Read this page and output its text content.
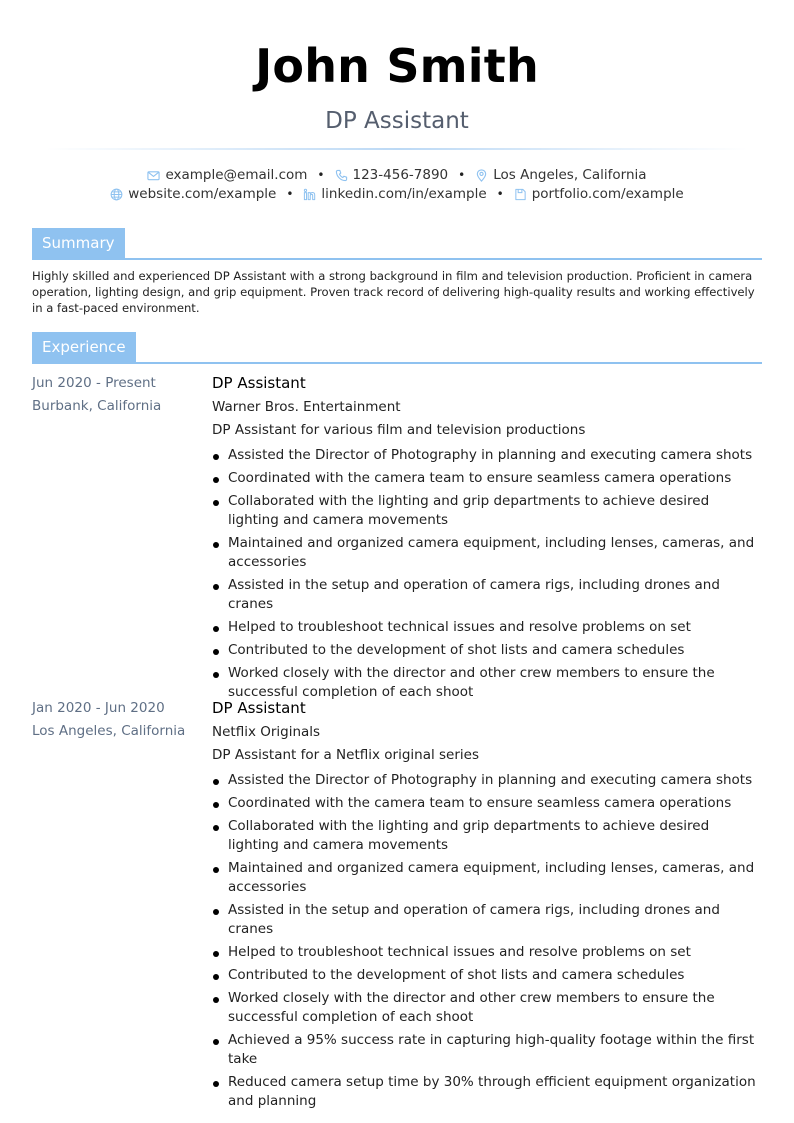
John Smith
DP Assistant
example@email.com • 123-456-7890 • Los Angeles, California
website.com/example • linkedin.com/in/example • portfolio.com/example
Summary

Highly skilled and experienced DP Assistant with a strong background in film and television production. Proficient in camera operation, lighting design, and grip equipment. Proven track record of delivering high-quality results and working effectively in a fast-paced environment.

Experience
Jun 2020 - Present
Burbank, California
DP Assistant
Warner Bros. Entertainment
DP Assistant for various film and television productions
Assisted the Director of Photography in planning and executing camera shots
Coordinated with the camera team to ensure seamless camera operations
Collaborated with the lighting and grip departments to achieve desired lighting and camera movements
Maintained and organized camera equipment, including lenses, cameras, and accessories
Assisted in the setup and operation of camera rigs, including drones and cranes
Helped to troubleshoot technical issues and resolve problems on set
Contributed to the development of shot lists and camera schedules
Worked closely with the director and other crew members to ensure the successful completion of each shoot
Jan 2020 - Jun 2020
Los Angeles, California
DP Assistant
Netflix Originals
DP Assistant for a Netflix original series
Assisted the Director of Photography in planning and executing camera shots
Coordinated with the camera team to ensure seamless camera operations
Collaborated with the lighting and grip departments to achieve desired lighting and camera movements
Maintained and organized camera equipment, including lenses, cameras, and accessories
Assisted in the setup and operation of camera rigs, including drones and cranes
Helped to troubleshoot technical issues and resolve problems on set
Contributed to the development of shot lists and camera schedules
Worked closely with the director and other crew members to ensure the successful completion of each shoot
Achieved a 95% success rate in capturing high-quality footage within the first take
Reduced camera setup time by 30% through efficient equipment organization and planning
